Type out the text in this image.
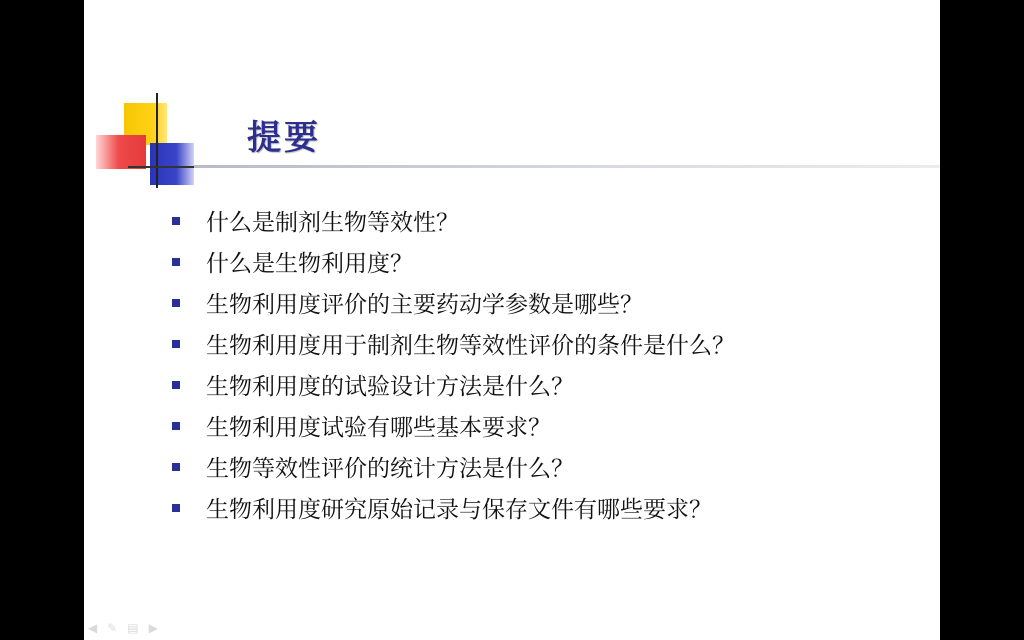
提要
什么是制剂生物等效性？
什么是生物利用度？
生物利用度评价的主要药动学参数是哪些？
生物利用度用于制剂生物等效性评价的条件是什么？
生物利用度的试验设计方法是什么？
生物利用度试验有哪些基本要求？
生物等效性评价的统计方法是什么？
生物利用度研究原始记录与保存文件有哪些要求？
◀ ✎ ▤ ▶
